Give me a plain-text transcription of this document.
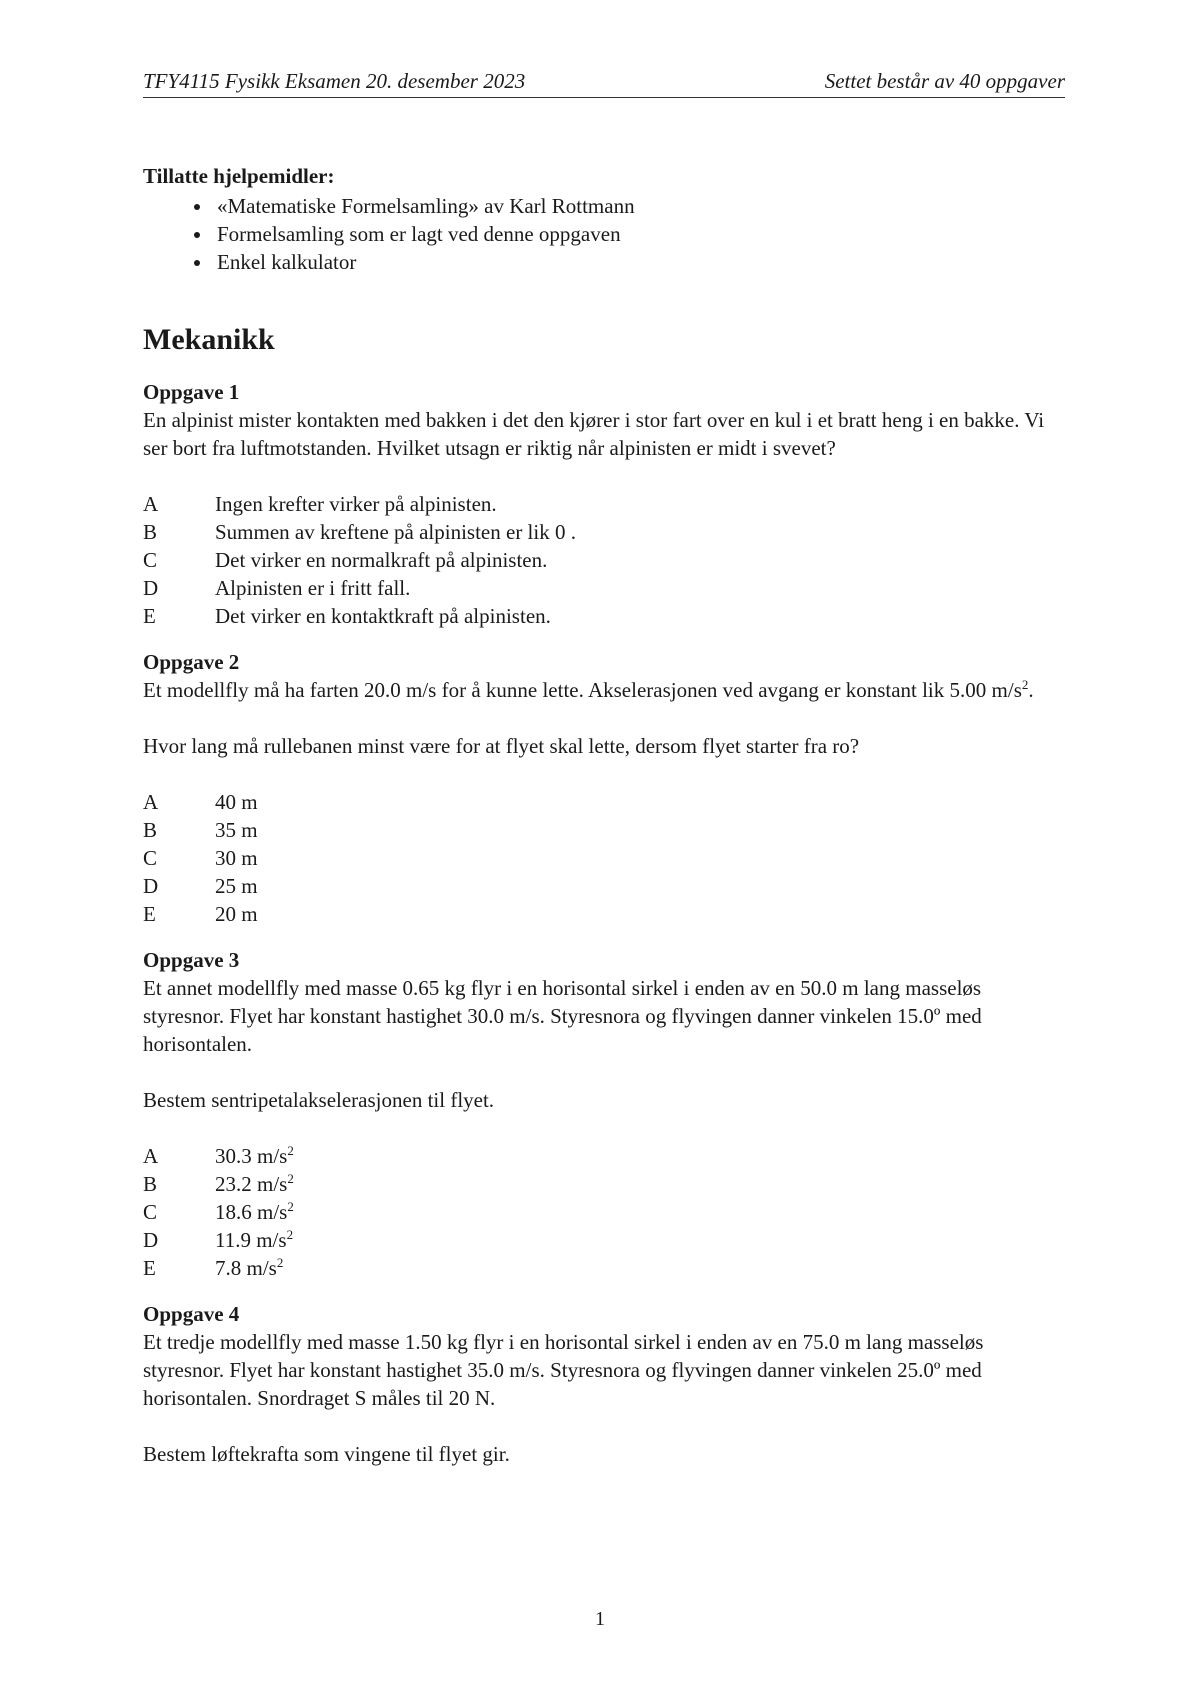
TFY4115 Fysikk Eksamen 20. desember 2023	Settet består av 40 oppgaver
Tillatte hjelpemidler:
• «Matematiske Formelsamling» av Karl Rottmann
• Formelsamling som er lagt ved denne oppgaven
• Enkel kalkulator
Mekanikk
Oppgave 1

En alpinist mister kontakten med bakken i det den kjører i stor fart over en kul i et bratt heng i en bakke. Vi ser bort fra luftmotstanden. Hvilket utsagn er riktig når alpinisten er midt i svevet?

A	Ingen krefter virker på alpinisten.
B	Summen av kreftene på alpinisten er lik 0 .
C	Det virker en normalkraft på alpinisten.
D	Alpinisten er i fritt fall.
E	Det virker en kontaktkraft på alpinisten.
Oppgave 2

Et modellfly må ha farten 20.0 m/s for å kunne lette. Akselerasjonen ved avgang er konstant lik 5.00 $m/s^2$.

Hvor lang må rullebanen minst være for at flyet skal lette, dersom flyet starter fra ro?

A	40 m
B	35 m
C	30 m
D	25 m
E	20 m
Oppgave 3

Et annet modellfly med masse 0.65 kg flyr i en horisontal sirkel i enden av en 50.0 m lang masseløs styresnor. Flyet har konstant hastighet 30.0 m/s. Styresnora og flyvingen danner vinkelen 15.0º med horisontalen.

Bestem sentripetalakselerasjonen til flyet.

A	30.3 $m/s^2$
B	23.2 $m/s^2$
C	18.6 $m/s^2$
D	11.9 $m/s^2$
E	7.8 $m/s^2$
Oppgave 4

Et tredje modellfly med masse 1.50 kg flyr i en horisontal sirkel i enden av en 75.0 m lang masseløs styresnor. Flyet har konstant hastighet 35.0 m/s. Styresnora og flyvingen danner vinkelen 25.0º med horisontalen. Snordraget S måles til 20 N.

Bestem løftekrafta som vingene til flyet gir.

1
